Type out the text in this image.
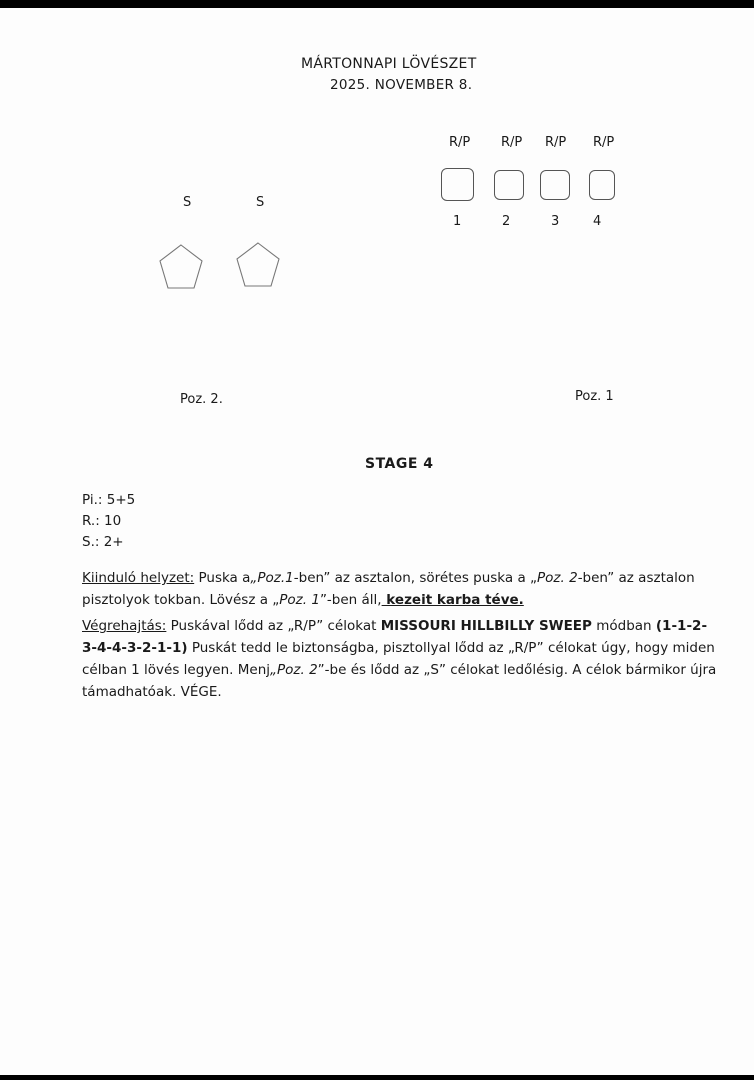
MÁRTONNAPI LÖVÉSZET
2025. NOVEMBER 8.
R/P R/P R/P R/P
1	2	3	4
S	S
Poz. 2.	Poz. 1
STAGE 4
Pi.: 5+5
R.: 10
S.: 2+
Kiinduló helyzet: Puska a„Poz.1-ben” az asztalon, sörétes puska a „Poz. 2-ben” az asztalon pisztolyok tokban. Lövész a „Poz. 1”-ben áll, kezeit karba téve.
Végrehajtás: Puskával lődd az „R/P” célokat MISSOURI HILLBILLY SWEEP módban (1-1-2-3-4-4-3-2-1-1) Puskát tedd le biztonságba, pisztollyal lődd az „R/P” célokat úgy, hogy miden célban 1 lövés legyen. Menj„Poz. 2”-be és lődd az „S” célokat ledőlésig. A célok bármikor újra támadhatóak. VÉGE.
